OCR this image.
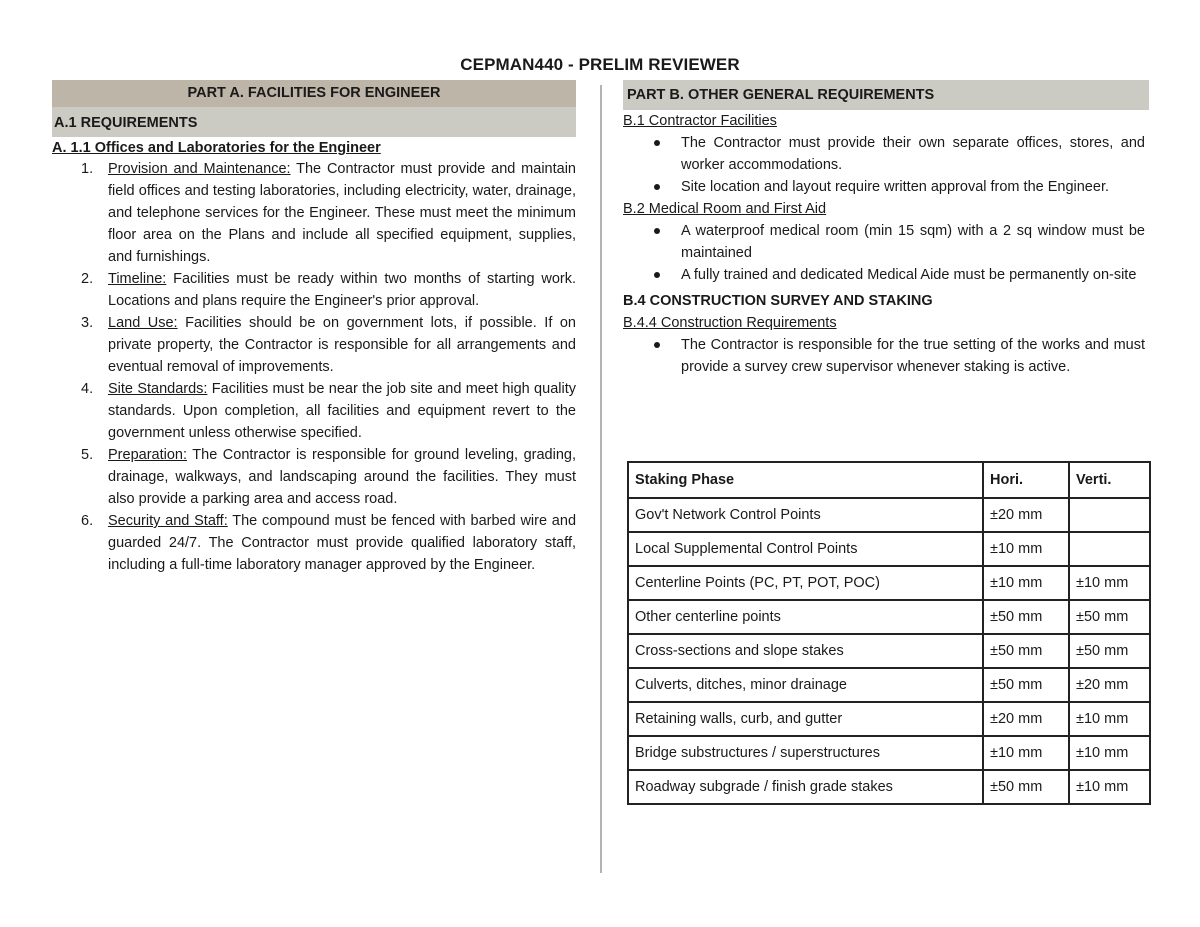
CEPMAN440 - PRELIM REVIEWER
PART A. FACILITIES FOR ENGINEER
A.1 REQUIREMENTS
A. 1.1 Offices and Laboratories for the Engineer
1. Provision and Maintenance: The Contractor must provide and maintain field offices and testing laboratories, including electricity, water, drainage, and telephone services for the Engineer. These must meet the minimum floor area on the Plans and include all specified equipment, supplies, and furnishings.
2. Timeline: Facilities must be ready within two months of starting work. Locations and plans require the Engineer's prior approval.
3. Land Use: Facilities should be on government lots, if possible. If on private property, the Contractor is responsible for all arrangements and eventual removal of improvements.
4. Site Standards: Facilities must be near the job site and meet high quality standards. Upon completion, all facilities and equipment revert to the government unless otherwise specified.
5. Preparation: The Contractor is responsible for ground leveling, grading, drainage, walkways, and landscaping around the facilities. They must also provide a parking area and access road.
6. Security and Staff: The compound must be fenced with barbed wire and guarded 24/7. The Contractor must provide qualified laboratory staff, including a full-time laboratory manager approved by the Engineer.
PART B. OTHER GENERAL REQUIREMENTS
B.1 Contractor Facilities
The Contractor must provide their own separate offices, stores, and worker accommodations.
Site location and layout require written approval from the Engineer.
B.2 Medical Room and First Aid
A waterproof medical room (min 15 sqm) with a 2 sq window must be maintained
A fully trained and dedicated Medical Aide must be permanently on-site
B.4 CONSTRUCTION SURVEY AND STAKING
B.4.4 Construction Requirements
The Contractor is responsible for the true setting of the works and must provide a survey crew supervisor whenever staking is active.
Staking Phase	Hori.	Verti.
Gov't Network Control Points	±20 mm	
Local Supplemental Control Points	±10 mm	
Centerline Points (PC, PT, POT, POC)	±10 mm	±10 mm
Other centerline points	±50 mm	±50 mm
Cross-sections and slope stakes	±50 mm	±50 mm
Culverts, ditches, minor drainage	±50 mm	±20 mm
Retaining walls, curb, and gutter	±20 mm	±10 mm
Bridge substructures / superstructures	±10 mm	±10 mm
Roadway subgrade / finish grade stakes	±50 mm	±10 mm
